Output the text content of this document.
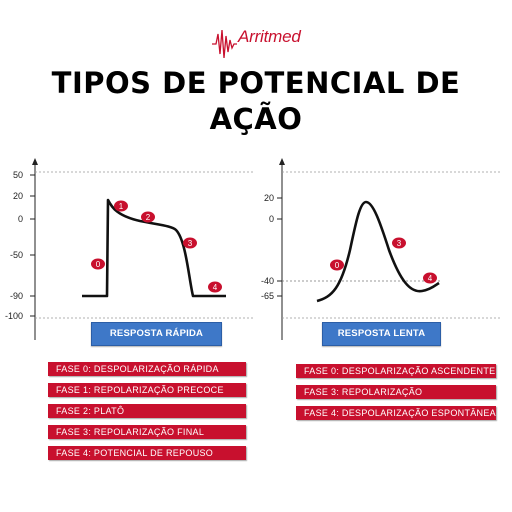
Arritmed
TIPOS DE POTENCIAL DE
AÇÃO
50
20
0
-50
-90
-100
0
1
2
3
4
20
0
-40
-65
0
3
4
RESPOSTA RÁPIDA	RESPOSTA LENTA
FASE 0: DESPOLARIZAÇÃO RÁPIDA
FASE 1: REPOLARIZAÇÃO PRECOCE
FASE 2: PLATÔ
FASE 3: REPOLARIZAÇÃO FINAL
FASE 4: POTENCIAL DE REPOUSO
FASE 0: DESPOLARIZAÇÃO ASCENDENTE
FASE 3: REPOLARIZAÇÃO
FASE 4: DESPOLARIZAÇÃO ESPONTÂNEA
